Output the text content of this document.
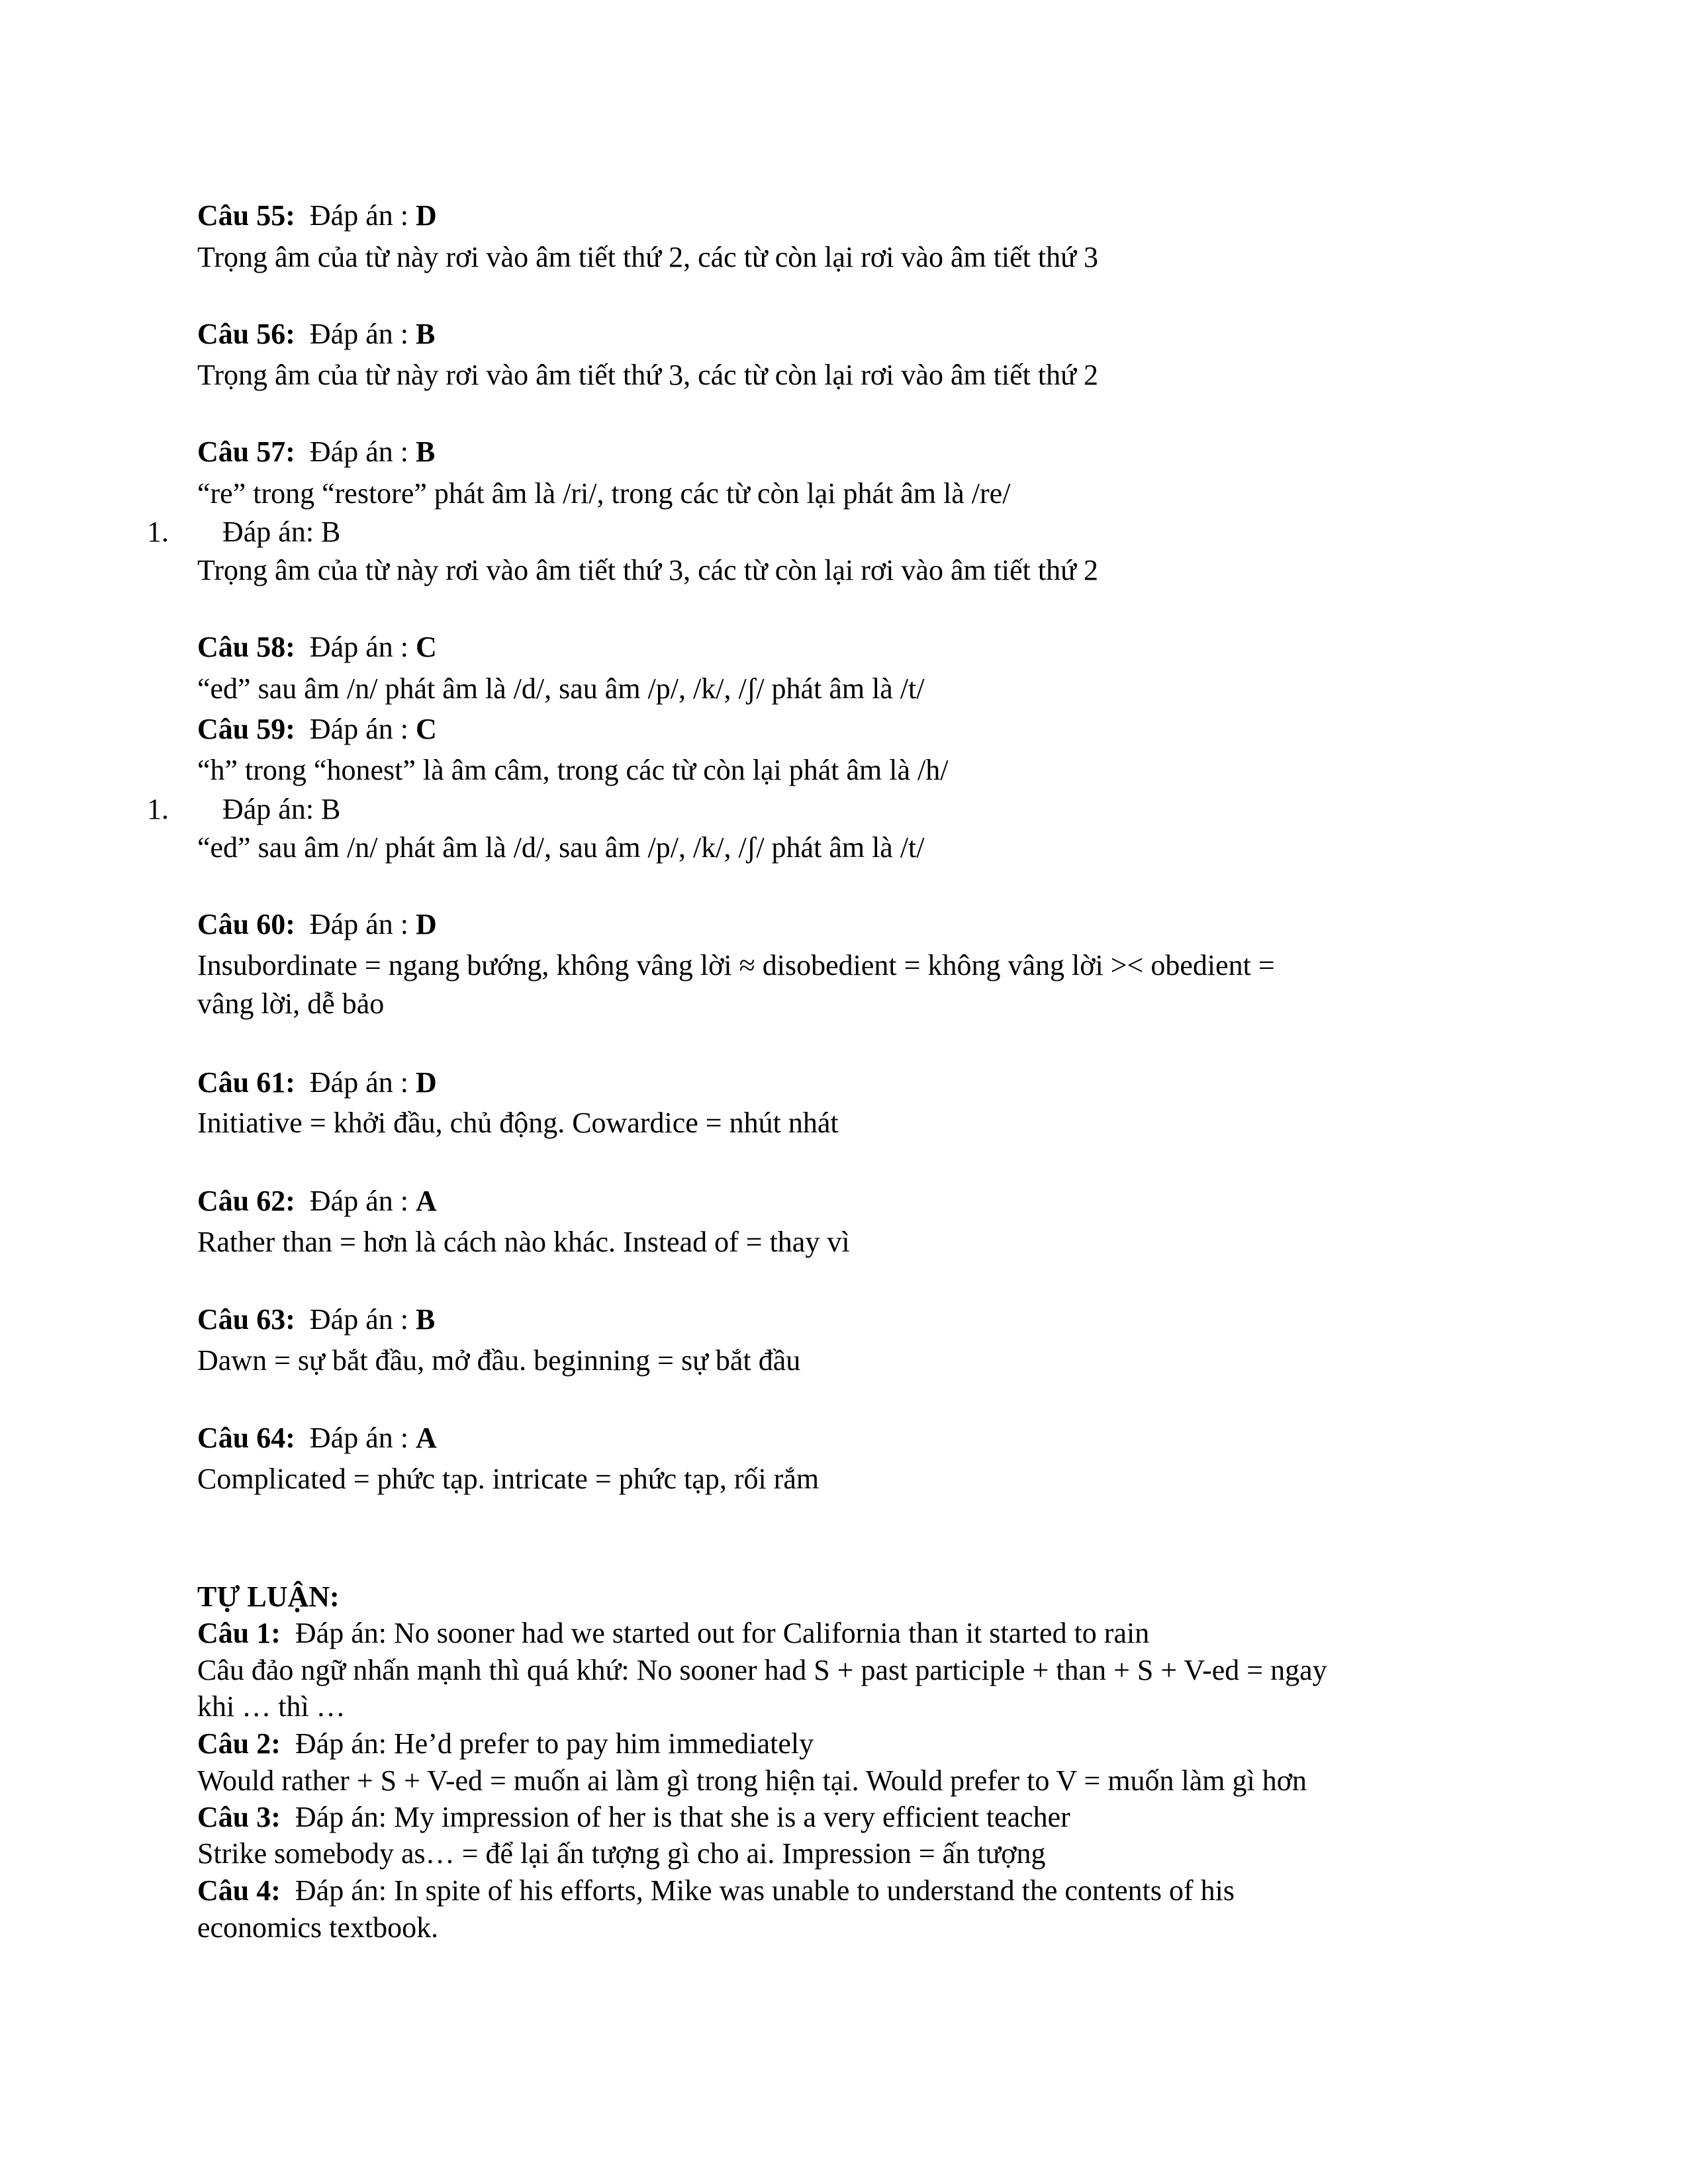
Câu 55: Đáp án : D
Trọng âm của từ này rơi vào âm tiết thứ 2, các từ còn lại rơi vào âm tiết thứ 3
Câu 56: Đáp án : B
Trọng âm của từ này rơi vào âm tiết thứ 3, các từ còn lại rơi vào âm tiết thứ 2
Câu 57: Đáp án : B
“re” trong “restore” phát âm là /ri/, trong các từ còn lại phát âm là /re/
1. Đáp án: B
Trọng âm của từ này rơi vào âm tiết thứ 3, các từ còn lại rơi vào âm tiết thứ 2
Câu 58: Đáp án : C
“ed” sau âm /n/ phát âm là /d/, sau âm /p/, /k/, /ʃ/ phát âm là /t/
Câu 59: Đáp án : C
“h” trong “honest” là âm câm, trong các từ còn lại phát âm là /h/
1. Đáp án: B
“ed” sau âm /n/ phát âm là /d/, sau âm /p/, /k/, /ʃ/ phát âm là /t/
Câu 60: Đáp án : D
Insubordinate = ngang bướng, không vâng lời ≈ disobedient = không vâng lời >< obedient =
vâng lời, dễ bảo
Câu 61: Đáp án : D
Initiative = khởi đầu, chủ động. Cowardice = nhút nhát
Câu 62: Đáp án : A
Rather than = hơn là cách nào khác. Instead of = thay vì
Câu 63: Đáp án : B
Dawn = sự bắt đầu, mở đầu. beginning = sự bắt đầu
Câu 64: Đáp án : A
Complicated = phức tạp. intricate = phức tạp, rối rắm
TỰ LUẬN:
Câu 1: Đáp án: No sooner had we started out for California than it started to rain
Câu đảo ngữ nhấn mạnh thì quá khứ: No sooner had S + past participle + than + S + V-ed = ngay
khi … thì …
Câu 2: Đáp án: He’d prefer to pay him immediately
Would rather + S + V-ed = muốn ai làm gì trong hiện tại. Would prefer to V = muốn làm gì hơn
Câu 3: Đáp án: My impression of her is that she is a very efficient teacher
Strike somebody as… = để lại ấn tượng gì cho ai. Impression = ấn tượng
Câu 4: Đáp án: In spite of his efforts, Mike was unable to understand the contents of his
economics textbook.
